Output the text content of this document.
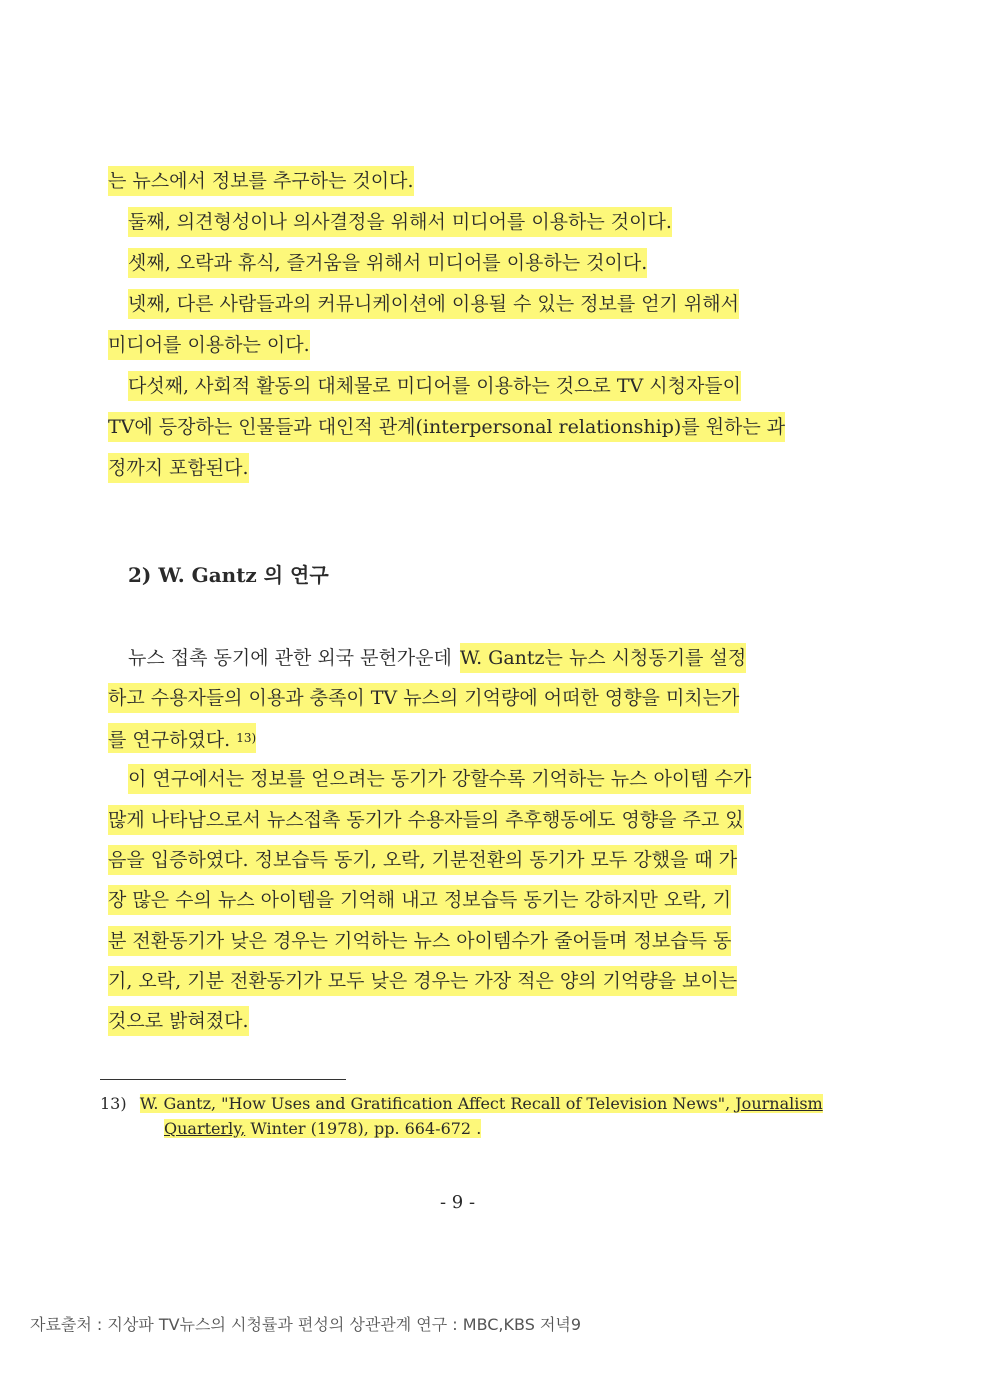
는 뉴스에서 정보를 추구하는 것이다.
둘째, 의견형성이나 의사결정을 위해서 미디어를 이용하는 것이다.
셋째, 오락과 휴식, 즐거움을 위해서 미디어를 이용하는 것이다.
넷째, 다른 사람들과의 커뮤니케이션에 이용될 수 있는 정보를 얻기 위해서
미디어를 이용하는 이다.
다섯째, 사회적 활동의 대체물로 미디어를 이용하는 것으로 TV 시청자들이
TV에 등장하는 인물들과 대인적 관계(interpersonal relationship)를 원하는 과
정까지 포함된다.
2) W. Gantz 의 연구
뉴스 접촉 동기에 관한 외국 문헌가운데 W. Gantz는 뉴스 시청동기를 설정
하고 수용자들의 이용과 충족이 TV 뉴스의 기억량에 어떠한 영향을 미치는가
를 연구하였다. $^{13)}$
이 연구에서는 정보를 얻으려는 동기가 강할수록 기억하는 뉴스 아이템 수가
많게 나타남으로서 뉴스접촉 동기가 수용자들의 추후행동에도 영향을 주고 있
음을 입증하였다. 정보습득 동기, 오락, 기분전환의 동기가 모두 강했을 때 가
장 많은 수의 뉴스 아이템을 기억해 내고 정보습득 동기는 강하지만 오락, 기
분 전환동기가 낮은 경우는 기억하는 뉴스 아이템수가 줄어들며 정보습득 동
기, 오락, 기분 전환동기가 모두 낮은 경우는 가장 적은 양의 기억량을 보이는
것으로 밝혀졌다.
13) W. Gantz, "How Uses and Gratification Affect Recall of Television News", Journalism
Quarterly, Winter (1978), pp. 664-672 .
- 9 -
자료출처 : 지상파 TV뉴스의 시청률과 편성의 상관관계 연구 : MBC,KBS 저녁9
